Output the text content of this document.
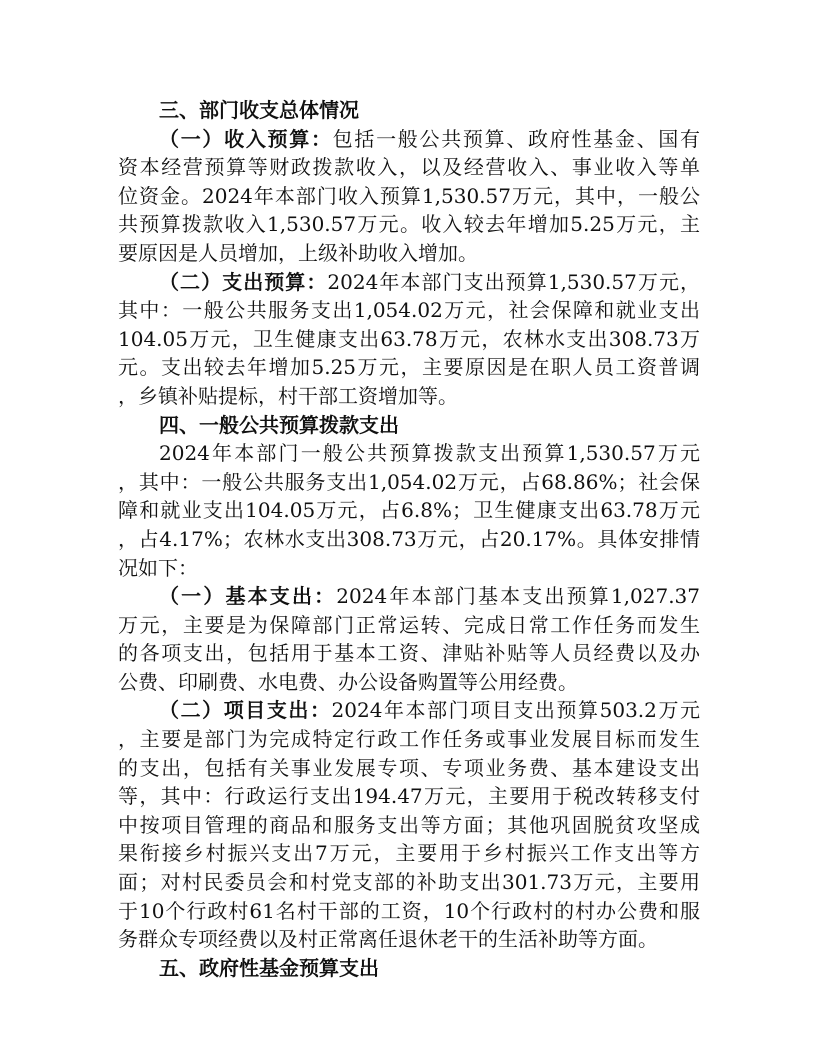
三、部门收支总体情况
（一）收入预算：包括一般公共预算、政府性基金、国有
资本经营预算等财政拨款收入，以及经营收入、事业收入等单
位资金。2024年本部门收入预算1,530.57万元，其中，一般公
共预算拨款收入1,530.57万元。收入较去年增加5.25万元，主
要原因是人员增加，上级补助收入增加。
（二）支出预算：2024年本部门支出预算1,530.57万元，
其中：一般公共服务支出1,054.02万元，社会保障和就业支出
104.05万元，卫生健康支出63.78万元，农林水支出308.73万
元。支出较去年增加5.25万元，主要原因是在职人员工资普调
，乡镇补贴提标，村干部工资增加等。
四、一般公共预算拨款支出
2024年本部门一般公共预算拨款支出预算1,530.57万元
，其中：一般公共服务支出1,054.02万元，占68.86%；社会保
障和就业支出104.05万元，占6.8%；卫生健康支出63.78万元
，占4.17%；农林水支出308.73万元，占20.17%。具体安排情
况如下：
（一）基本支出：2024年本部门基本支出预算1,027.37
万元，主要是为保障部门正常运转、完成日常工作任务而发生
的各项支出，包括用于基本工资、津贴补贴等人员经费以及办
公费、印刷费、水电费、办公设备购置等公用经费。
（二）项目支出：2024年本部门项目支出预算503.2万元
，主要是部门为完成特定行政工作任务或事业发展目标而发生
的支出，包括有关事业发展专项、专项业务费、基本建设支出
等，其中：行政运行支出194.47万元，主要用于税改转移支付
中按项目管理的商品和服务支出等方面；其他巩固脱贫攻坚成
果衔接乡村振兴支出7万元，主要用于乡村振兴工作支出等方
面；对村民委员会和村党支部的补助支出301.73万元，主要用
于10个行政村61名村干部的工资，10个行政村的村办公费和服
务群众专项经费以及村正常离任退休老干的生活补助等方面。
五、政府性基金预算支出
